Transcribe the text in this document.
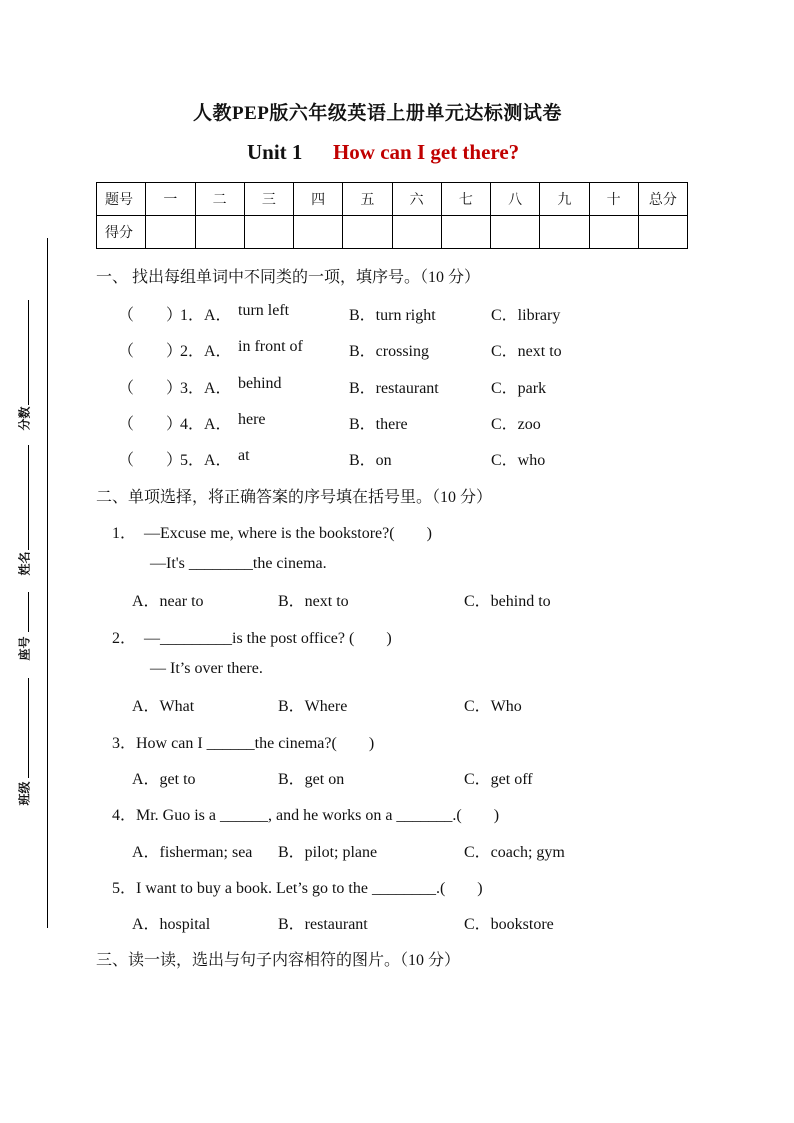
人教PEP版六年级英语上册单元达标测试卷
Unit 1 How can I get there?
题号	一	二	三	四	五	六	七	八	九	十	总分
得分											
分数
姓名
座号
班级
一、 找出每组单词中不同类的一项，填序号。（10 分）
（　　）
1．A． turn left	B．turn right	C．library
（　　）
2．A． in front of	B．crossing	C．next to
（　　）
3．A． behind	B．restaurant	C．park
（　　）
4．A． here	B．there	C．zoo
（　　）
5．A． at	B．on	C．who
二、单项选择，将正确答案的序号填在括号里。（10 分）
1．　—Excuse me, where is the bookstore?(　　)
—It's ________the cinema.
A．near to	B．next to	C．behind to
2．　—_________is the post office? (　　)
— It’s over there.
A．What	B．Where	C．Who
3．How can I ______the cinema?(　　)
A．get to	B．get on	C．get off
4．Mr. Guo is a ______, and he works on a _______.(　　)
A．fisherman; sea B．pilot; plane	C．coach; gym
5．I want to buy a book. Let’s go to the ________.(　　)
A．hospital	B．restaurant	C．bookstore
三、读一读，选出与句子内容相符的图片。（10 分）
